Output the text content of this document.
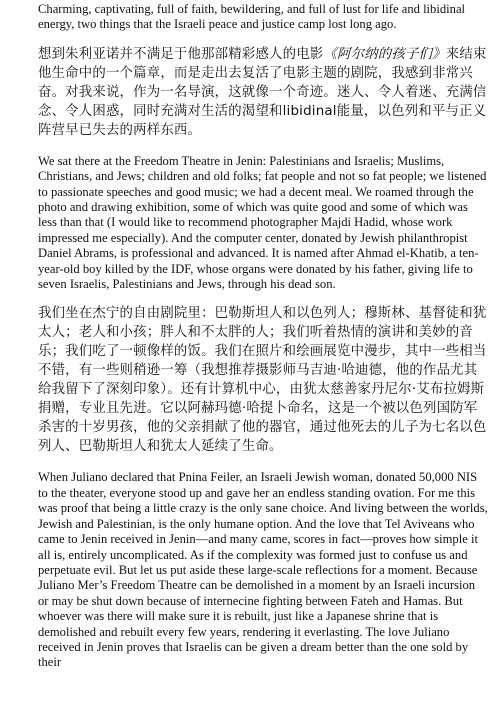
Charming, captivating, full of faith, bewildering, and full of lust for life and libidinal energy, two things that the Israeli peace and justice camp lost long ago.

想到朱利亚诺并不满足于他那部精彩感人的电影《阿尔纳的孩子们》来结束他生命中的一个篇章，而是走出去复活了电影主题的剧院，我感到非常兴奋。对我来说，作为一名导演，这就像一个奇迹。迷人、令人着迷、充满信念、令人困惑，同时充满对生活的渴望和libidinal能量，以色列和平与正义阵营早已失去的两样东西。

We sat there at the Freedom Theatre in Jenin: Palestinians and Israelis; Muslims, Christians, and Jews; children and old folks; fat people and not so fat people; we listened to passionate speeches and good music; we had a decent meal. We roamed through the photo and drawing exhibition, some of which was quite good and some of which was less than that (I would like to recommend photographer Majdi Hadid, whose work impressed me especially). And the computer center, donated by Jewish philanthropist Daniel Abrams, is professional and advanced. It is named after Ahmad el-Khatib, a ten-year-old boy killed by the IDF, whose organs were donated by his father, giving life to seven Israelis, Palestinians and Jews, through his dead son.

我们坐在杰宁的自由剧院里：巴勒斯坦人和以色列人；穆斯林、基督徒和犹太人；老人和小孩；胖人和不太胖的人；我们听着热情的演讲和美妙的音乐；我们吃了一顿像样的饭。我们在照片和绘画展览中漫步，其中一些相当不错，有一些则稍逊一筹（我想推荐摄影师马吉迪·哈迪德，他的作品尤其给我留下了深刻印象）。还有计算机中心，由犹太慈善家丹尼尔·艾布拉姆斯捐赠，专业且先进。它以阿赫玛德·哈提卜命名，这是一个被以色列国防军杀害的十岁男孩，他的父亲捐献了他的器官，通过他死去的儿子为七名以色列人、巴勒斯坦人和犹太人延续了生命。

When Juliano declared that Pnina Feiler, an Israeli Jewish woman, donated 50,000 NIS to the theater, everyone stood up and gave her an endless standing ovation. For me this was proof that being a little crazy is the only sane choice. And living between the worlds, Jewish and Palestinian, is the only humane option. And the love that Tel Aviveans who came to Jenin received in Jenin—and many came, scores in fact—proves how simple it all is, entirely uncomplicated. As if the complexity was formed just to confuse us and perpetuate evil. But let us put aside these large-scale reflections for a moment. Because Juliano Mer’s Freedom Theatre can be demolished in a moment by an Israeli incursion or may be shut down because of internecine fighting between Fateh and Hamas. But whoever was there will make sure it is rebuilt, just like a Japanese shrine that is demolished and rebuilt every few years, rendering it everlasting. The love Juliano received in Jenin proves that Israelis can be given a dream better than the one sold by their
